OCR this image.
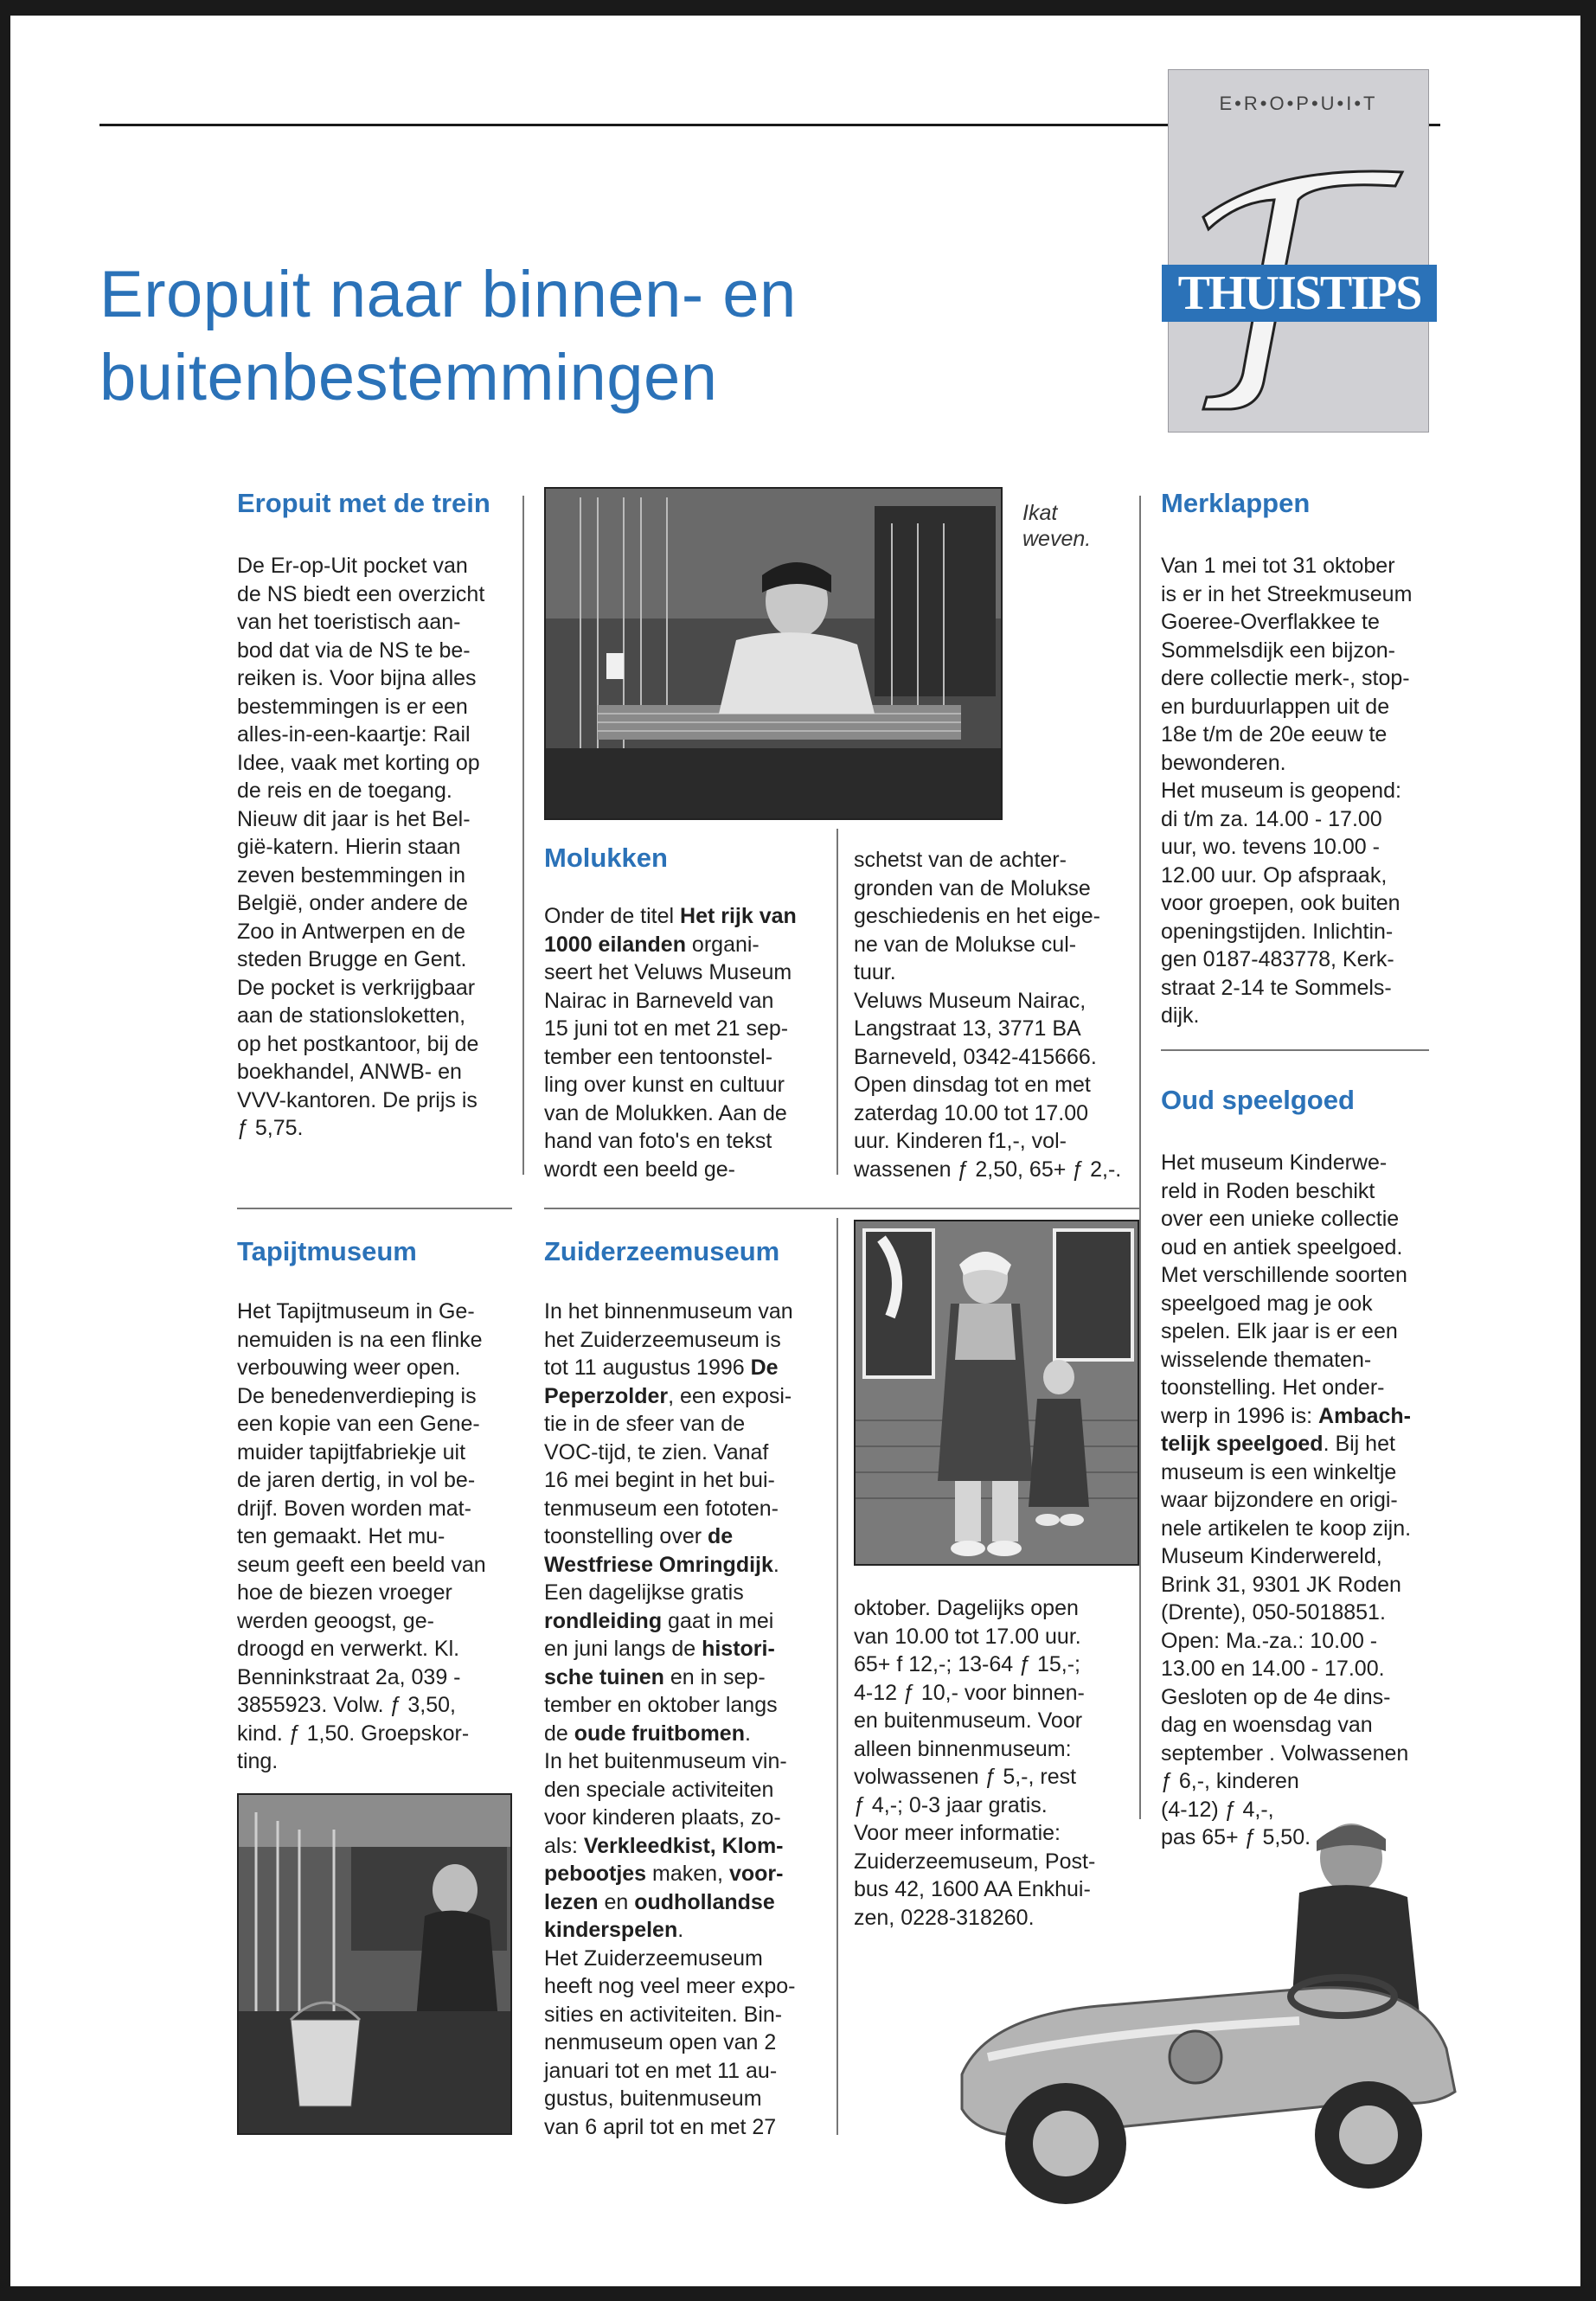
Eropuit naar binnen- en
buitenbestemmingen
E•R•O•P•U•I•T
THUISTIPS
Eropuit met de trein
De Er-op-Uit pocket van
de NS biedt een overzicht
van het toeristisch aan-
bod dat via de NS te be-
reiken is. Voor bijna alles
bestemmingen is er een
alles-in-een-kaartje: Rail
Idee, vaak met korting op
de reis en de toegang.
Nieuw dit jaar is het Bel-
gië-katern. Hierin staan
zeven bestemmingen in
België, onder andere de
Zoo in Antwerpen en de
steden Brugge en Gent.
De pocket is verkrijgbaar
aan de stationsloketten,
op het postkantoor, bij de
boekhandel, ANWB- en
VVV-kantoren. De prijs is
ƒ 5,75.
Ikat
weven.
Molukken
Onder de titel Het rijk van
1000 eilanden organi-
seert het Veluws Museum
Nairac in Barneveld van
15 juni tot en met 21 sep-
tember een tentoonstel-
ling over kunst en cultuur
van de Molukken. Aan de
hand van foto's en tekst
wordt een beeld ge-
schetst van de achter-
gronden van de Molukse
geschiedenis en het eige-
ne van de Molukse cul-
tuur.
Veluws Museum Nairac,
Langstraat 13, 3771 BA
Barneveld, 0342-415666.
Open dinsdag tot en met
zaterdag 10.00 tot 17.00
uur. Kinderen f1,-, vol-
wassenen ƒ 2,50, 65+ ƒ 2,-.
Merklappen
Van 1 mei tot 31 oktober
is er in het Streekmuseum
Goeree-Overflakkee te
Sommelsdijk een bijzon-
dere collectie merk-, stop-
en burduurlappen uit de
18e t/m de 20e eeuw te
bewonderen.
Het museum is geopend:
di t/m za. 14.00 - 17.00
uur, wo. tevens 10.00 -
12.00 uur. Op afspraak,
voor groepen, ook buiten
openingstijden. Inlichtin-
gen 0187-483778, Kerk-
straat 2-14 te Sommels-
dijk.
Oud speelgoed
Het museum Kinderwe-
reld in Roden beschikt
over een unieke collectie
oud en antiek speelgoed.
Met verschillende soorten
speelgoed mag je ook
spelen. Elk jaar is er een
wisselende thematen-
toonstelling. Het onder-
werp in 1996 is: Ambach-
telijk speelgoed. Bij het
museum is een winkeltje
waar bijzondere en origi-
nele artikelen te koop zijn.
Museum Kinderwereld,
Brink 31, 9301 JK Roden
(Drente), 050-5018851.
Open: Ma.-za.: 10.00 -
13.00 en 14.00 - 17.00.
Gesloten op de 4e dins-
dag en woensdag van
september . Volwassenen
ƒ 6,-, kinderen
(4-12) ƒ 4,-,
pas 65+ ƒ 5,50.
Tapijtmuseum
Het Tapijtmuseum in Ge-
nemuiden is na een flinke
verbouwing weer open.
De benedenverdieping is
een kopie van een Gene-
muider tapijtfabriekje uit
de jaren dertig, in vol be-
drijf. Boven worden mat-
ten gemaakt. Het mu-
seum geeft een beeld van
hoe de biezen vroeger
werden geoogst, ge-
droogd en verwerkt. Kl.
Benninkstraat 2a, 039 -
3855923. Volw. ƒ 3,50,
kind. ƒ 1,50. Groepskor-
ting.
Zuiderzeemuseum
In het binnenmuseum van
het Zuiderzeemuseum is
tot 11 augustus 1996 De
Peperzolder, een exposi-
tie in de sfeer van de
VOC-tijd, te zien. Vanaf
16 mei begint in het bui-
tenmuseum een fototen-
toonstelling over de
Westfriese Omringdijk.
Een dagelijkse gratis
rondleiding gaat in mei
en juni langs de histori-
sche tuinen en in sep-
tember en oktober langs
de oude fruitbomen.
In het buitenmuseum vin-
den speciale activiteiten
voor kinderen plaats, zo-
als: Verkleedkist, Klom-
pebootjes maken, voor-
lezen en oudhollandse
kinderspelen.
Het Zuiderzeemuseum
heeft nog veel meer expo-
sities en activiteiten. Bin-
nenmuseum open van 2
januari tot en met 11 au-
gustus, buitenmuseum
van 6 april tot en met 27
oktober. Dagelijks open
van 10.00 tot 17.00 uur.
65+ f 12,-; 13-64 ƒ 15,-;
4-12 ƒ 10,- voor binnen-
en buitenmuseum. Voor
alleen binnenmuseum:
volwassenen ƒ 5,-, rest
ƒ 4,-; 0-3 jaar gratis.
Voor meer informatie:
Zuiderzeemuseum, Post-
bus 42, 1600 AA Enkhui-
zen, 0228-318260.
